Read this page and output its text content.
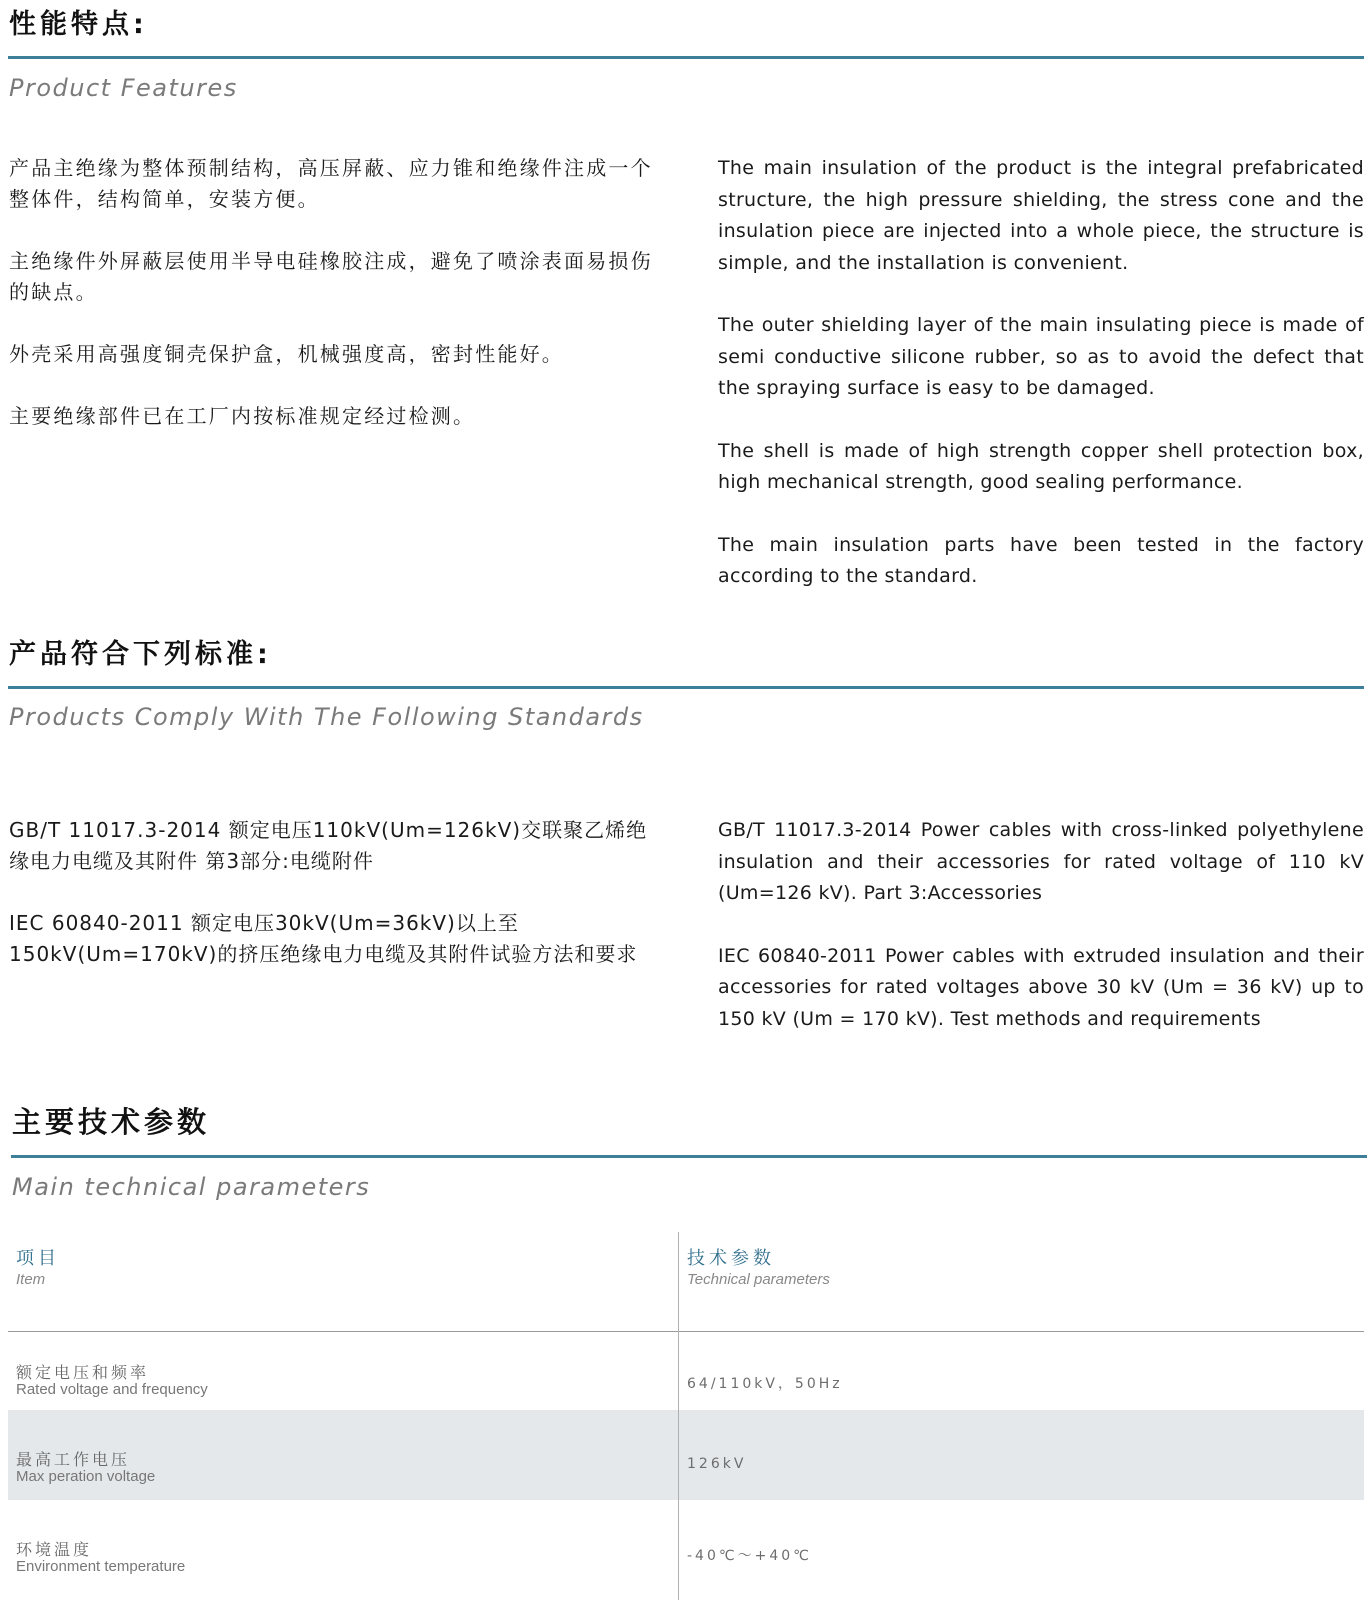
性能特点:
Product Features

产品主绝缘为整体预制结构，高压屏蔽、应力锥和绝缘件注成一个整体件，结构简单，安装方便。

主绝缘件外屏蔽层使用半导电硅橡胶注成，避免了喷涂表面易损伤的缺点。

外壳采用高强度铜壳保护盒，机械强度高，密封性能好。

主要绝缘部件已在工厂内按标准规定经过检测。

The main insulation of the product is the integral prefabricated structure, the high pressure shielding, the stress cone and the insulation piece are injected into a whole piece, the structure is simple, and the installation is convenient.

The outer shielding layer of the main insulating piece is made of semi conductive silicone rubber, so as to avoid the defect that the spraying surface is easy to be damaged.

The shell is made of high strength copper shell protection box, high mechanical strength, good sealing performance.

The main insulation parts have been tested in the factory according to the standard.

产品符合下列标准:
Products Comply With The Following Standards

GB/T 11017.3-2014 额定电压110kV(Um=126kV)交联聚乙烯绝缘电力电缆及其附件 第3部分:电缆附件

IEC 60840-2011 额定电压30kV(Um=36kV)以上至150kV(Um=170kV)的挤压绝缘电力电缆及其附件试验方法和要求

GB/T 11017.3-2014 Power cables with cross-linked polyethylene insulation and their accessories for rated voltage of 110 kV (Um=126 kV). Part 3:Accessories

IEC 60840-2011 Power cables with extruded insulation and their accessories for rated voltages above 30 kV (Um = 36 kV) up to 150 kV (Um = 170 kV). Test methods and requirements

主要技术参数
Main technical parameters
项目
Item
技术参数
Technical parameters
额定电压和频率
Rated voltage and frequency	64/110kV，50Hz
最高工作电压
Max peration voltage
126kV
环境温度
Environment temperature
-40℃～+40℃
